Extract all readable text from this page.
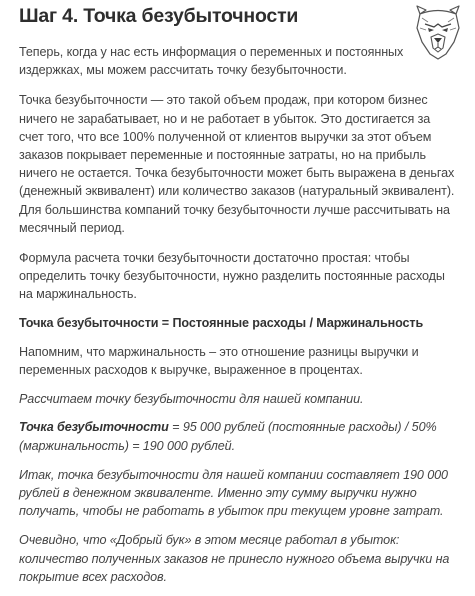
Шаг 4. Точка безубыточности

Теперь, когда у нас есть информация о переменных и постоянных издержках, мы можем рассчитать точку безубыточности.

Точка безубыточности — это такой объем продаж, при котором бизнес ничего не зарабатывает, но и не работает в убыток. Это достигается за счет того, что все 100% полученной от клиентов выручки за этот объем заказов покрывает переменные и постоянные затраты, но на прибыль ничего не остается. Точка безубыточности может быть выражена в деньгах (денежный эквивалент) или количество заказов (натуральный эквивалент). Для большинства компаний точку безубыточности лучше рассчитывать на месячный период.

Формула расчета точки безубыточности достаточно простая: чтобы определить точку безубыточности, нужно разделить постоянные расходы на маржинальность.

Точка безубыточности = Постоянные расходы / Маржинальность

Напомним, что маржинальность – это отношение разницы выручки и переменных расходов к выручке, выраженное в процентах.

Рассчитаем точку безубыточности для нашей компании.

Точка безубыточности = 95 000 рублей (постоянные расходы) / 50% (маржинальность) = 190 000 рублей.

Итак, точка безубыточности для нашей компании составляет 190 000 рублей в денежном эквиваленте. Именно эту сумму выручки нужно получать, чтобы не работать в убыток при текущем уровне затрат.

Очевидно, что «Добрый бук» в этом месяце работал в убыток: количество полученных заказов не принесло нужного объема выручки на покрытие всех расходов.
